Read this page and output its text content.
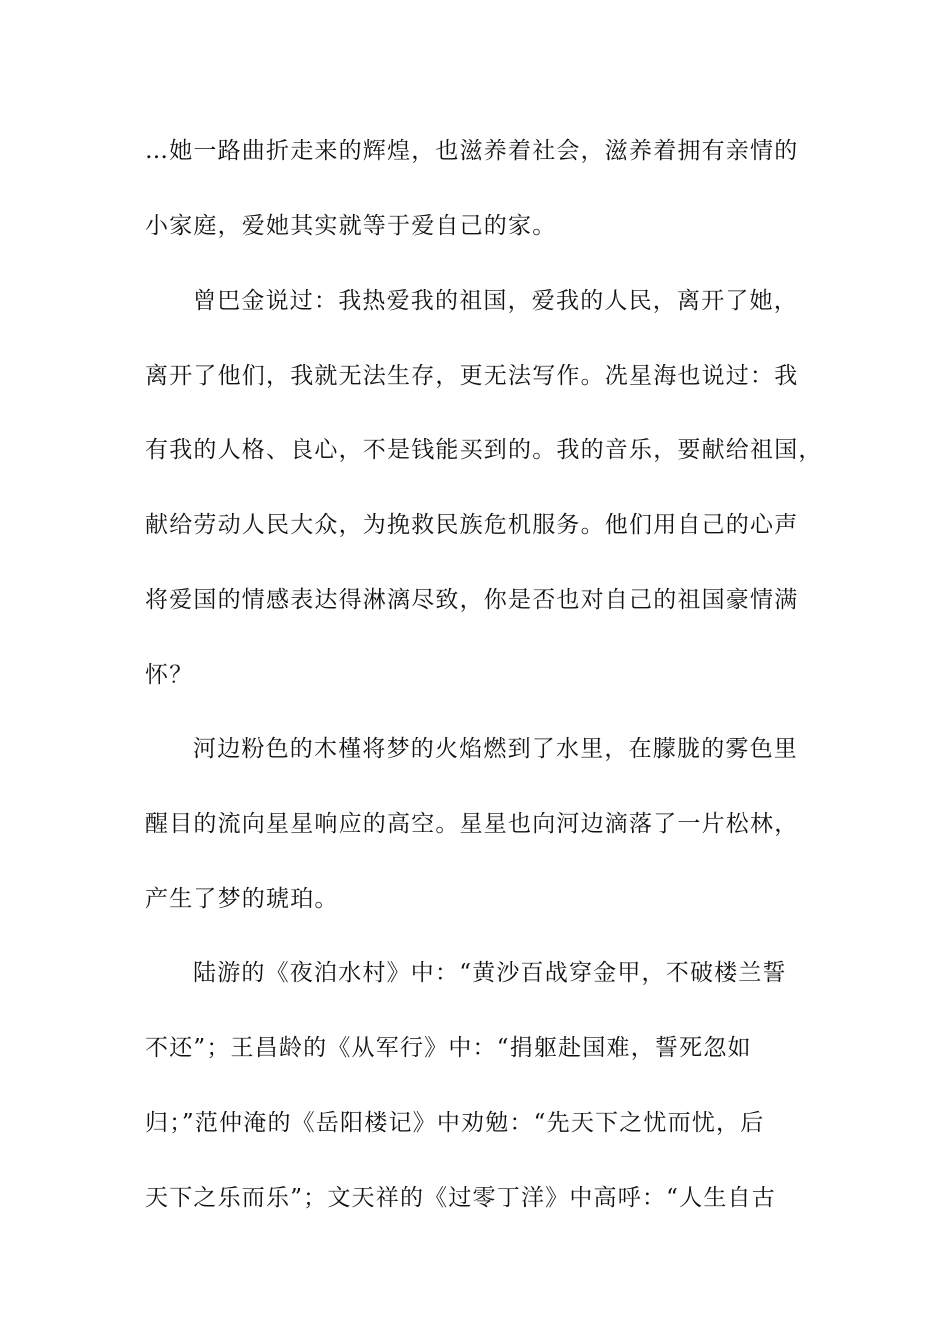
…她一路曲折走来的辉煌，也滋养着社会，滋养着拥有亲情的
小家庭，爱她其实就等于爱自己的家。
曾巴金说过：我热爱我的祖国，爱我的人民，离开了她，
离开了他们，我就无法生存，更无法写作。冼星海也说过：我
有我的人格、良心，不是钱能买到的。我的音乐，要献给祖国，
献给劳动人民大众，为挽救民族危机服务。他们用自己的心声
将爱国的情感表达得淋漓尽致，你是否也对自己的祖国豪情满
怀？
河边粉色的木槿将梦的火焰燃到了水里，在朦胧的雾色里
醒目的流向星星响应的高空。星星也向河边滴落了一片松林，
产生了梦的琥珀。
陆游的《夜泊水村》中：“黄沙百战穿金甲，不破楼兰誓
不还”；王昌龄的《从军行》中：“捐躯赴国难，誓死忽如
归；”范仲淹的《岳阳楼记》中劝勉：“先天下之忧而忧，后
天下之乐而乐”；文天祥的《过零丁洋》中高呼：“人生自古
